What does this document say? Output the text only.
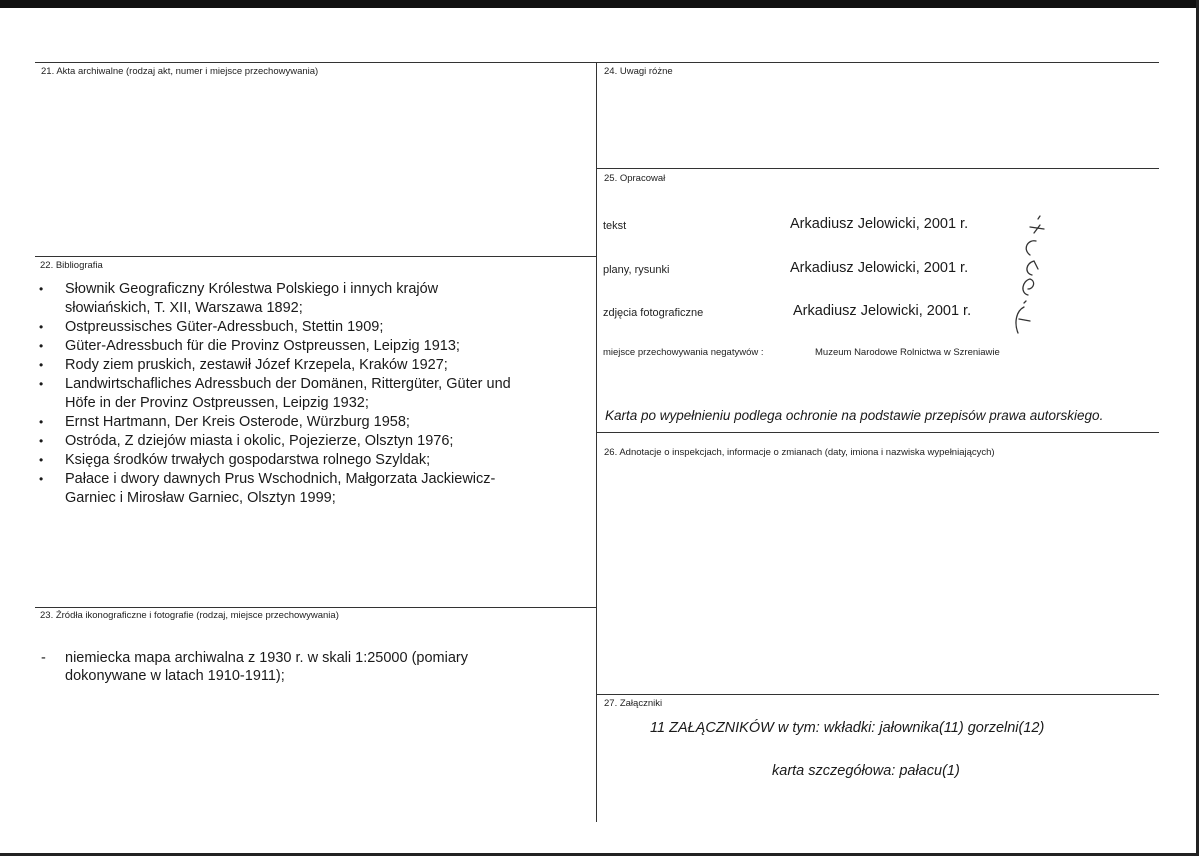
21. Akta archiwalne (rodzaj akt, numer i miejsce przechowywania)
22. Bibliografia
• Słownik Geograficzny Królestwa Polskiego i innych krajów
słowiańskich, T. XII, Warszawa 1892;
• Ostpreussisches Güter-Adressbuch, Stettin 1909;
• Güter-Adressbuch für die Provinz Ostpreussen, Leipzig 1913;
• Rody ziem pruskich, zestawił Józef Krzepela, Kraków 1927;
• Landwirtschafliches Adressbuch der Domänen, Rittergüter, Güter und
Höfe in der Provinz Ostpreussen, Leipzig 1932;
• Ernst Hartmann, Der Kreis Osterode, Würzburg 1958;
• Ostróda, Z dziejów miasta i okolic, Pojezierze, Olsztyn 1976;
• Księga środków trwałych gospodarstwa rolnego Szyldak;
• Pałace i dwory dawnych Prus Wschodnich, Małgorzata Jackiewicz-
Garniec i Mirosław Garniec, Olsztyn 1999;
23. Źródła ikonograficzne i fotografie (rodzaj, miejsce przechowywania)
- niemiecka mapa archiwalna z 1930 r. w skali 1:25000 (pomiary
dokonywane w latach 1910-1911);
24. Uwagi różne
25. Opracował
tekst	Arkadiusz Jelowicki, 2001 r.
plany, rysunki	Arkadiusz Jelowicki, 2001 r.
zdjęcia fotograficzne	Arkadiusz Jelowicki, 2001 r.
miejsce przechowywania negatywów :	Muzeum Narodowe Rolnictwa w Szreniawie
Karta po wypełnieniu podlega ochronie na podstawie przepisów prawa autorskiego.
26. Adnotacje o inspekcjach, informacje o zmianach (daty, imiona i nazwiska wypełniających)
27. Załączniki
11 ZAŁĄCZNIKÓW w tym: wkładki: jałownika(11) gorzelni(12)
karta szczegółowa: pałacu(1)
